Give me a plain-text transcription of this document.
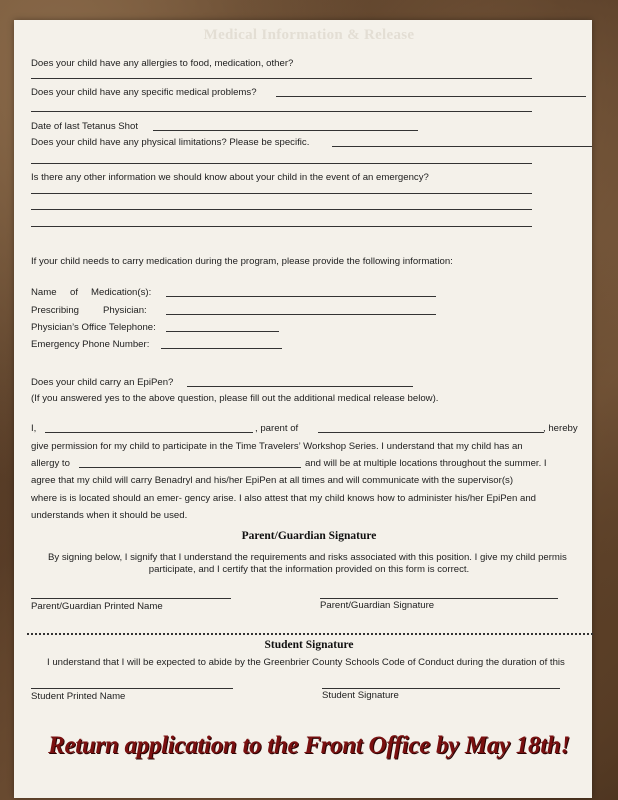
Medical Information & Release
Does your child have any allergies to food, medication, other?
Does your child have any specific medical problems?
Date of last Tetanus Shot
Does your child have any physical limitations? Please be specific.
Is there any other information we should know about your child in the event of an emergency?
If your child needs to carry medication during the program, please provide the following information:
Name of Medication(s):
Prescribing	Physician:
Physician’s Office Telephone:
Emergency Phone Number:
Does your child carry an EpiPen?
(If you answered yes to the above question, please fill out the additional medical release below).
I,	, parent of	, hereby
give permission for my child to participate in the Time Travelers’ Workshop Series. I understand that my child has an
allergy to	and will be at multiple locations throughout the summer. I
agree that my child will carry Benadryl and his/her EpiPen at all times and will communicate with the supervisor(s)
where is is located should an emer- gency arise. I also attest that my child knows how to administer his/her EpiPen and
understands when it should be used.
Parent/Guardian Signature
By signing below, I signify that I understand the requirements and risks associated with this position. I give my child permis
participate, and I certify that the information provided on this form is correct.
Parent/Guardian Printed Name	Parent/Guardian Signature
Student Signature
I understand that I will be expected to abide by the Greenbrier County Schools Code of Conduct during the duration of this
Student Printed Name	Student Signature
Return application to the Front Office by May 18th!
